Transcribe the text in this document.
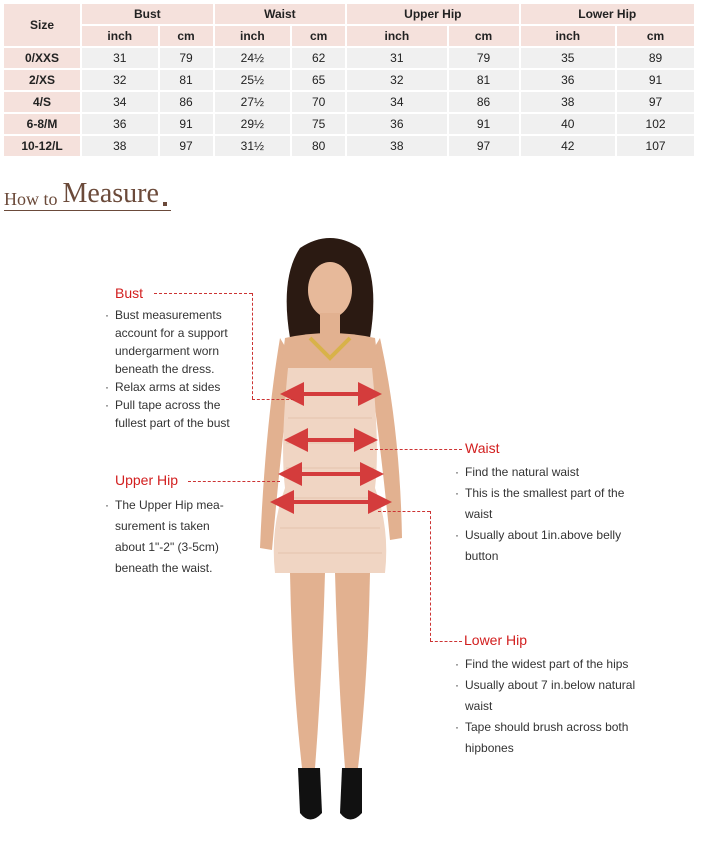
Size	Bust		Waist		Upper Hip		Lower Hip	
	inch	cm	inch	cm	inch	cm	inch	cm
0/XXS	31	79	24½	62	31	79	35	89
2/XS	32	81	25½	65	32	81	36	91
4/S	34	86	27½	70	34	86	38	97
6-8/M	36	91	29½	75	36	91	40	102
10-12/L	38	97	31½	80	38	97	42	107
How to Measure
Bust
· Bust measurements
account for a support
undergarment worn
beneath the dress.
· Relax arms at sides
· Pull tape across the
fullest part of the bust
Upper Hip
· The Upper Hip mea-
surement is taken
about 1"-2" (3-5cm)
beneath the waist.
Waist
· Find the natural waist
· This is the smallest part of the
waist
· Usually about 1in.above belly
button
Lower Hip
· Find the widest part of the hips
· Usually about 7 in.below natural
waist
· Tape should brush across both
hipbones
